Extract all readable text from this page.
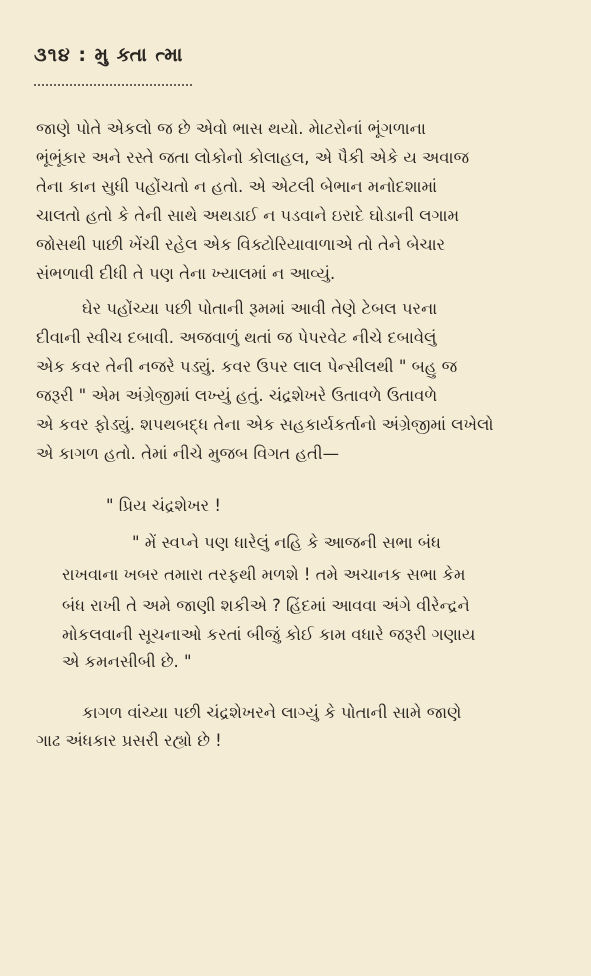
૩૧૪ : મુ ક્તા ત્મા
જાણે પોતે એકલો જ છે એવો ભાસ થયો. મેાટરોનાં ભૂંગળાના
ભૂંભૂંકાર અને રસ્તે જતા લોકોનો કોલાહલ, એ પૈકી એકે ય અવાજ
તેના કાન સુધી પહોંચતો ન હતો. એ એટલી બેભાન મનોદશામાં
ચાલતો હતો કે તેની સાથે અથડાઈ ન પડવાને ઇરાદે ઘોડાની લગામ
જોસથી પાછી ખેંચી રહેલ એક વિક્ટોરિયાવાળાએ તો તેને બેચાર
સંભળાવી દીધી તે પણ તેના ખ્યાલમાં ન આવ્યું.
ઘેર પહોંચ્યા પછી પોતાની રૂમમાં આવી તેણે ટેબલ પરના
દીવાની સ્વીચ દબાવી. અજવાળું થતાં જ પેપરવેટ નીચે દબાવેલું
એક કવર તેની નજરે પડ્યું. કવર ઉપર લાલ પેન્સીલથી " બહુ જ
જરૂરી " એમ અંગ્રેજીમાં લખ્યું હતું. ચંદ્રશેખરે ઉતાવળે ઉતાવળે
એ કવર ફોડ્યું. શપથબદ્ધ તેના એક સહકાર્યકર્તાનો અંગ્રેજીમાં લખેલો
એ કાગળ હતો. તેમાં નીચે મુજબ વિગત હતી—
" પ્રિય ચંદ્રશેખર !
" મેં સ્વપ્ને પણ ધારેલું નહિ કે આજની સભા બંધ
રાખવાના ખબર તમારા તરફથી મળશે ! તમે અચાનક સભા કેમ
બંધ રાખી તે અમે જાણી શકીએ ? હિંદમાં આવવા અંગે વીરેન્દ્રને
મોકલવાની સૂચનાઓ કરતાં બીજું કોઈ કામ વધારે જરૂરી ગણાય
એ કમનસીબી છે. "
કાગળ વાંચ્યા પછી ચંદ્રશેખરને લાગ્યું કે પોતાની સામે જાણે
ગાઢ અંધકાર પ્રસરી રહ્યો છે !
